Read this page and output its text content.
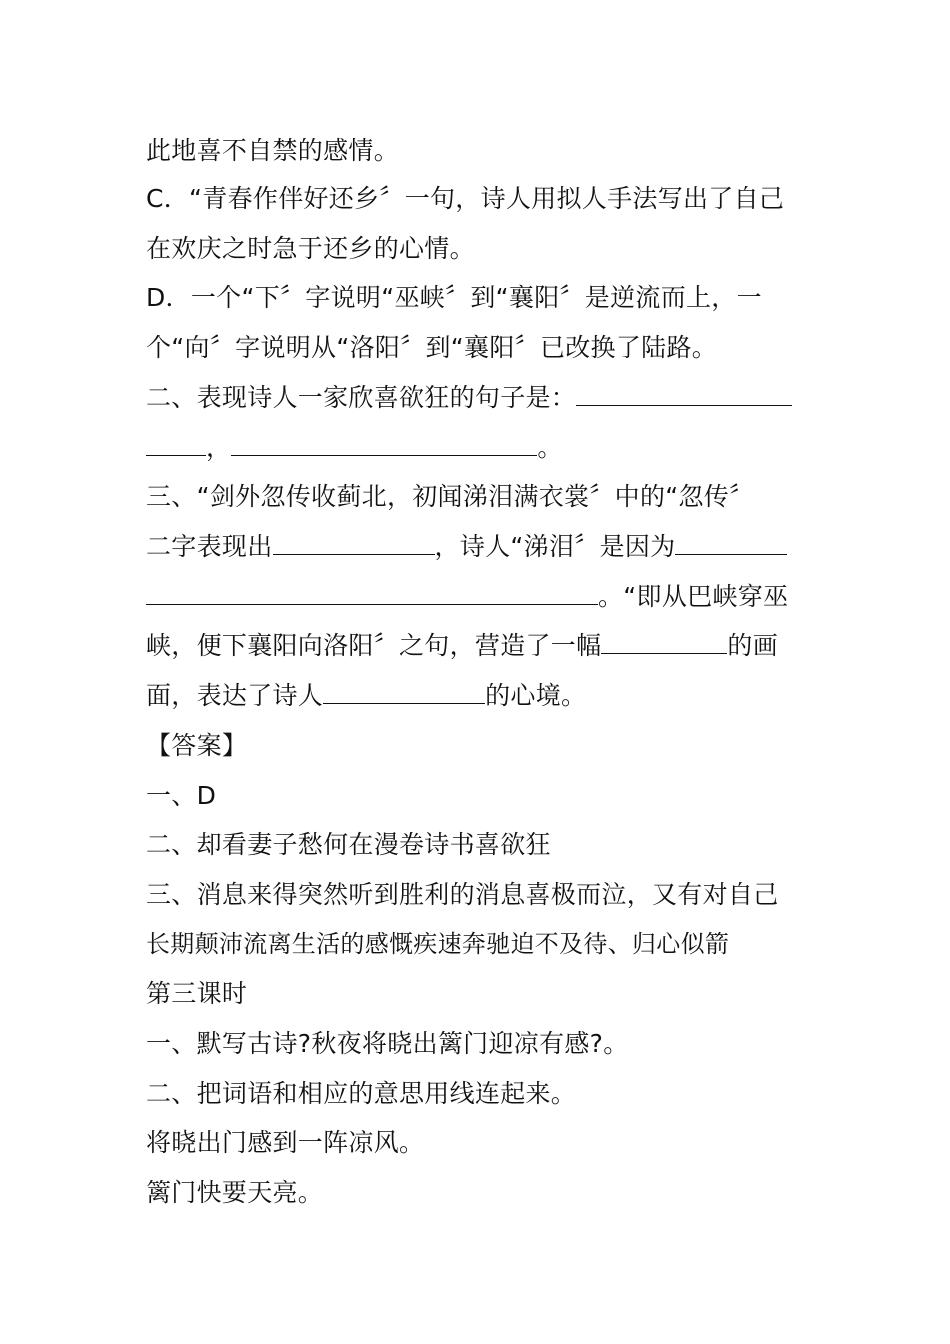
此地喜不自禁的感情。
C．“青春作伴好还乡〞一句，诗人用拟人手法写出了自己
在欢庆之时急于还乡的心情。
D．一个“下〞字说明“巫峡〞到“襄阳〞是逆流而上，一
个“向〞字说明从“洛阳〞到“襄阳〞已改换了陆路。
二、表现诗人一家欣喜欲狂的句子是：
，	。
三、“剑外忽传收蓟北，初闻涕泪满衣裳〞中的“忽传〞
二字表现出	，诗人“涕泪〞是因为
。“即从巴峡穿巫
峡，便下襄阳向洛阳〞之句，营造了一幅	的画
面，表达了诗人	的心境。
【答案】
一、D
二、却看妻子愁何在漫卷诗书喜欲狂
三、消息来得突然听到胜利的消息喜极而泣，又有对自己
长期颠沛流离生活的感慨疾速奔驰迫不及待、归心似箭
第三课时
一、默写古诗?秋夜将晓出篱门迎凉有感?。
二、把词语和相应的意思用线连起来。
将晓出门感到一阵凉风。
篱门快要天亮。
